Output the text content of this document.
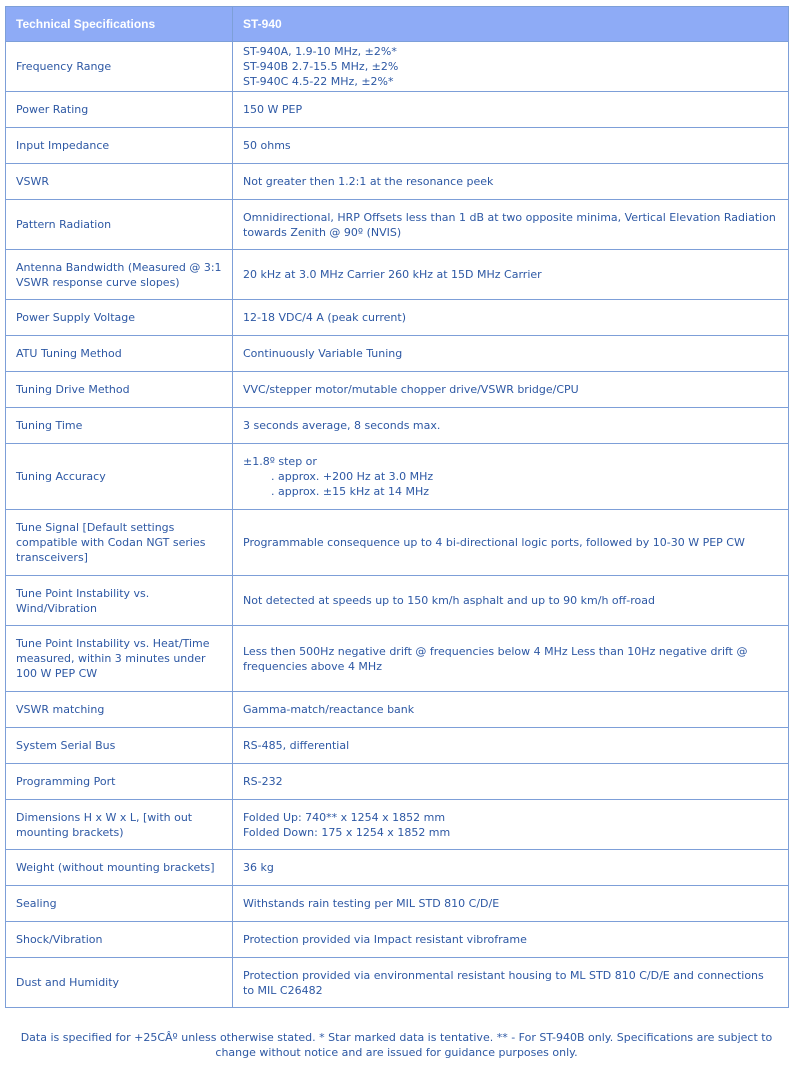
Technical Specifications	ST-940
Frequency Range	ST-940A, 1.9-10 MHz, ±2%*
ST-940B 2.7-15.5 MHz, ±2%
ST-940C 4.5-22 MHz, ±2%*

Power Rating	150 W PEP

Input Impedance	50 ohms

VSWR	Not greater then 1.2:1 at the resonance peek

Pattern Radiation	Omnidirectional, HRP Offsets less than 1 dB at two opposite minima, Vertical Elevation Radiation towards Zenith @ 90º (NVIS)

Antenna Bandwidth (Measured @ 3:1 VSWR response curve slopes)	20 kHz at 3.0 MHz Carrier 260 kHz at 15D MHz Carrier

Power Supply Voltage	12-18 VDC/4 A (peak current)

ATU Tuning Method	Continuously Variable Tuning

Tuning Drive Method	VVC/stepper motor/mutable chopper drive/VSWR bridge/CPU

Tuning Time	3 seconds average, 8 seconds max.

Tuning Accuracy	±1.8º step or
. approx. +200 Hz at 3.0 MHz
. approx. ±15 kHz at 14 MHz

Tune Signal [Default settings compatible with Codan NGT series transceivers]	Programmable consequence up to 4 bi-directional logic ports, followed by 10-30 W PEP CW

Tune Point Instability vs. Wind/Vibration	Not detected at speeds up to 150 km/h asphalt and up to 90 km/h off-road

Tune Point Instability vs. Heat/Time measured, within 3 minutes under 100 W PEP CW	Less then 500Hz negative drift @ frequencies below 4 MHz Less than 10Hz negative drift @ frequencies above 4 MHz

VSWR matching	Gamma-match/reactance bank

System Serial Bus	RS-485, differential

Programming Port	RS-232

Dimensions H x W x L, [with out mounting brackets)	Folded Up: 740** x 1254 x 1852 mm
Folded Down: 175 x 1254 x 1852 mm

Weight (without mounting brackets]	36 kg

Sealing	Withstands rain testing per MIL STD 810 C/D/E

Shock/Vibration	Protection provided via Impact resistant vibroframe

Dust and Humidity	Protection provided via environmental resistant housing to ML STD 810 C/D/E and connections to MIL C26482
Data is specified for +25CÂº unless otherwise stated. * Star marked data is tentative. ** - For ST-940B only. Specifications are subject to change without notice and are issued for guidance purposes only.
